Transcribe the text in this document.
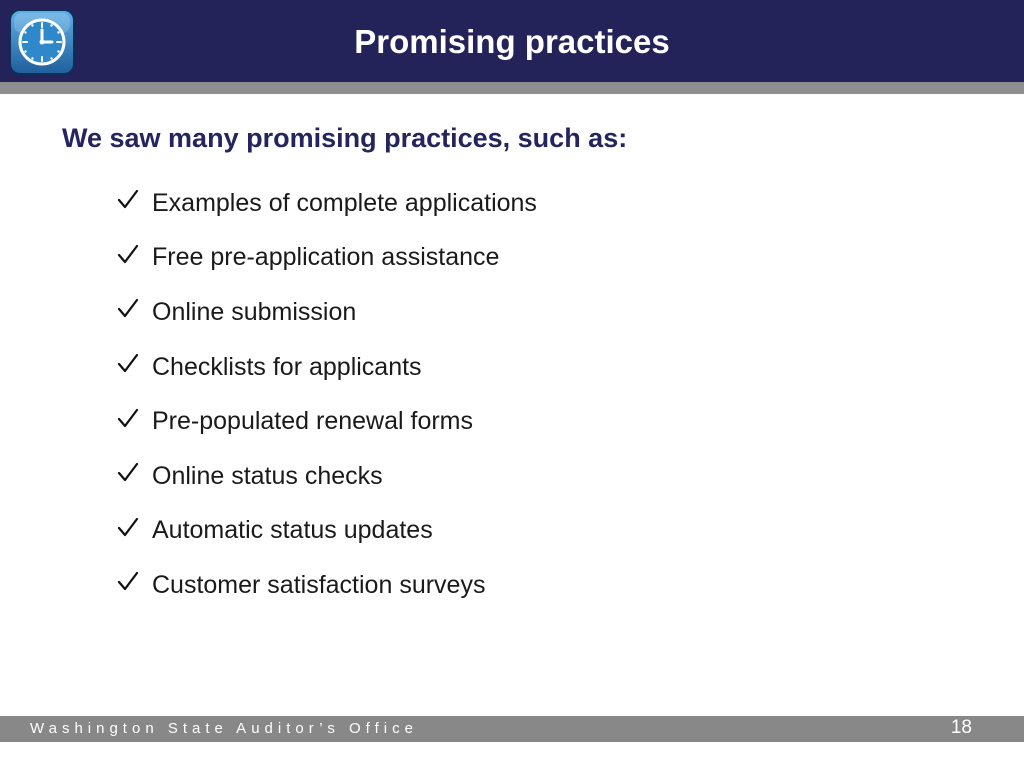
Promising practices
We saw many promising practices, such as:
Examples of complete applications
Free pre-application assistance
Online submission
Checklists for applicants
Pre-populated renewal forms
Online status checks
Automatic status updates
Customer satisfaction surveys
Washington State Auditor’s Office	18
